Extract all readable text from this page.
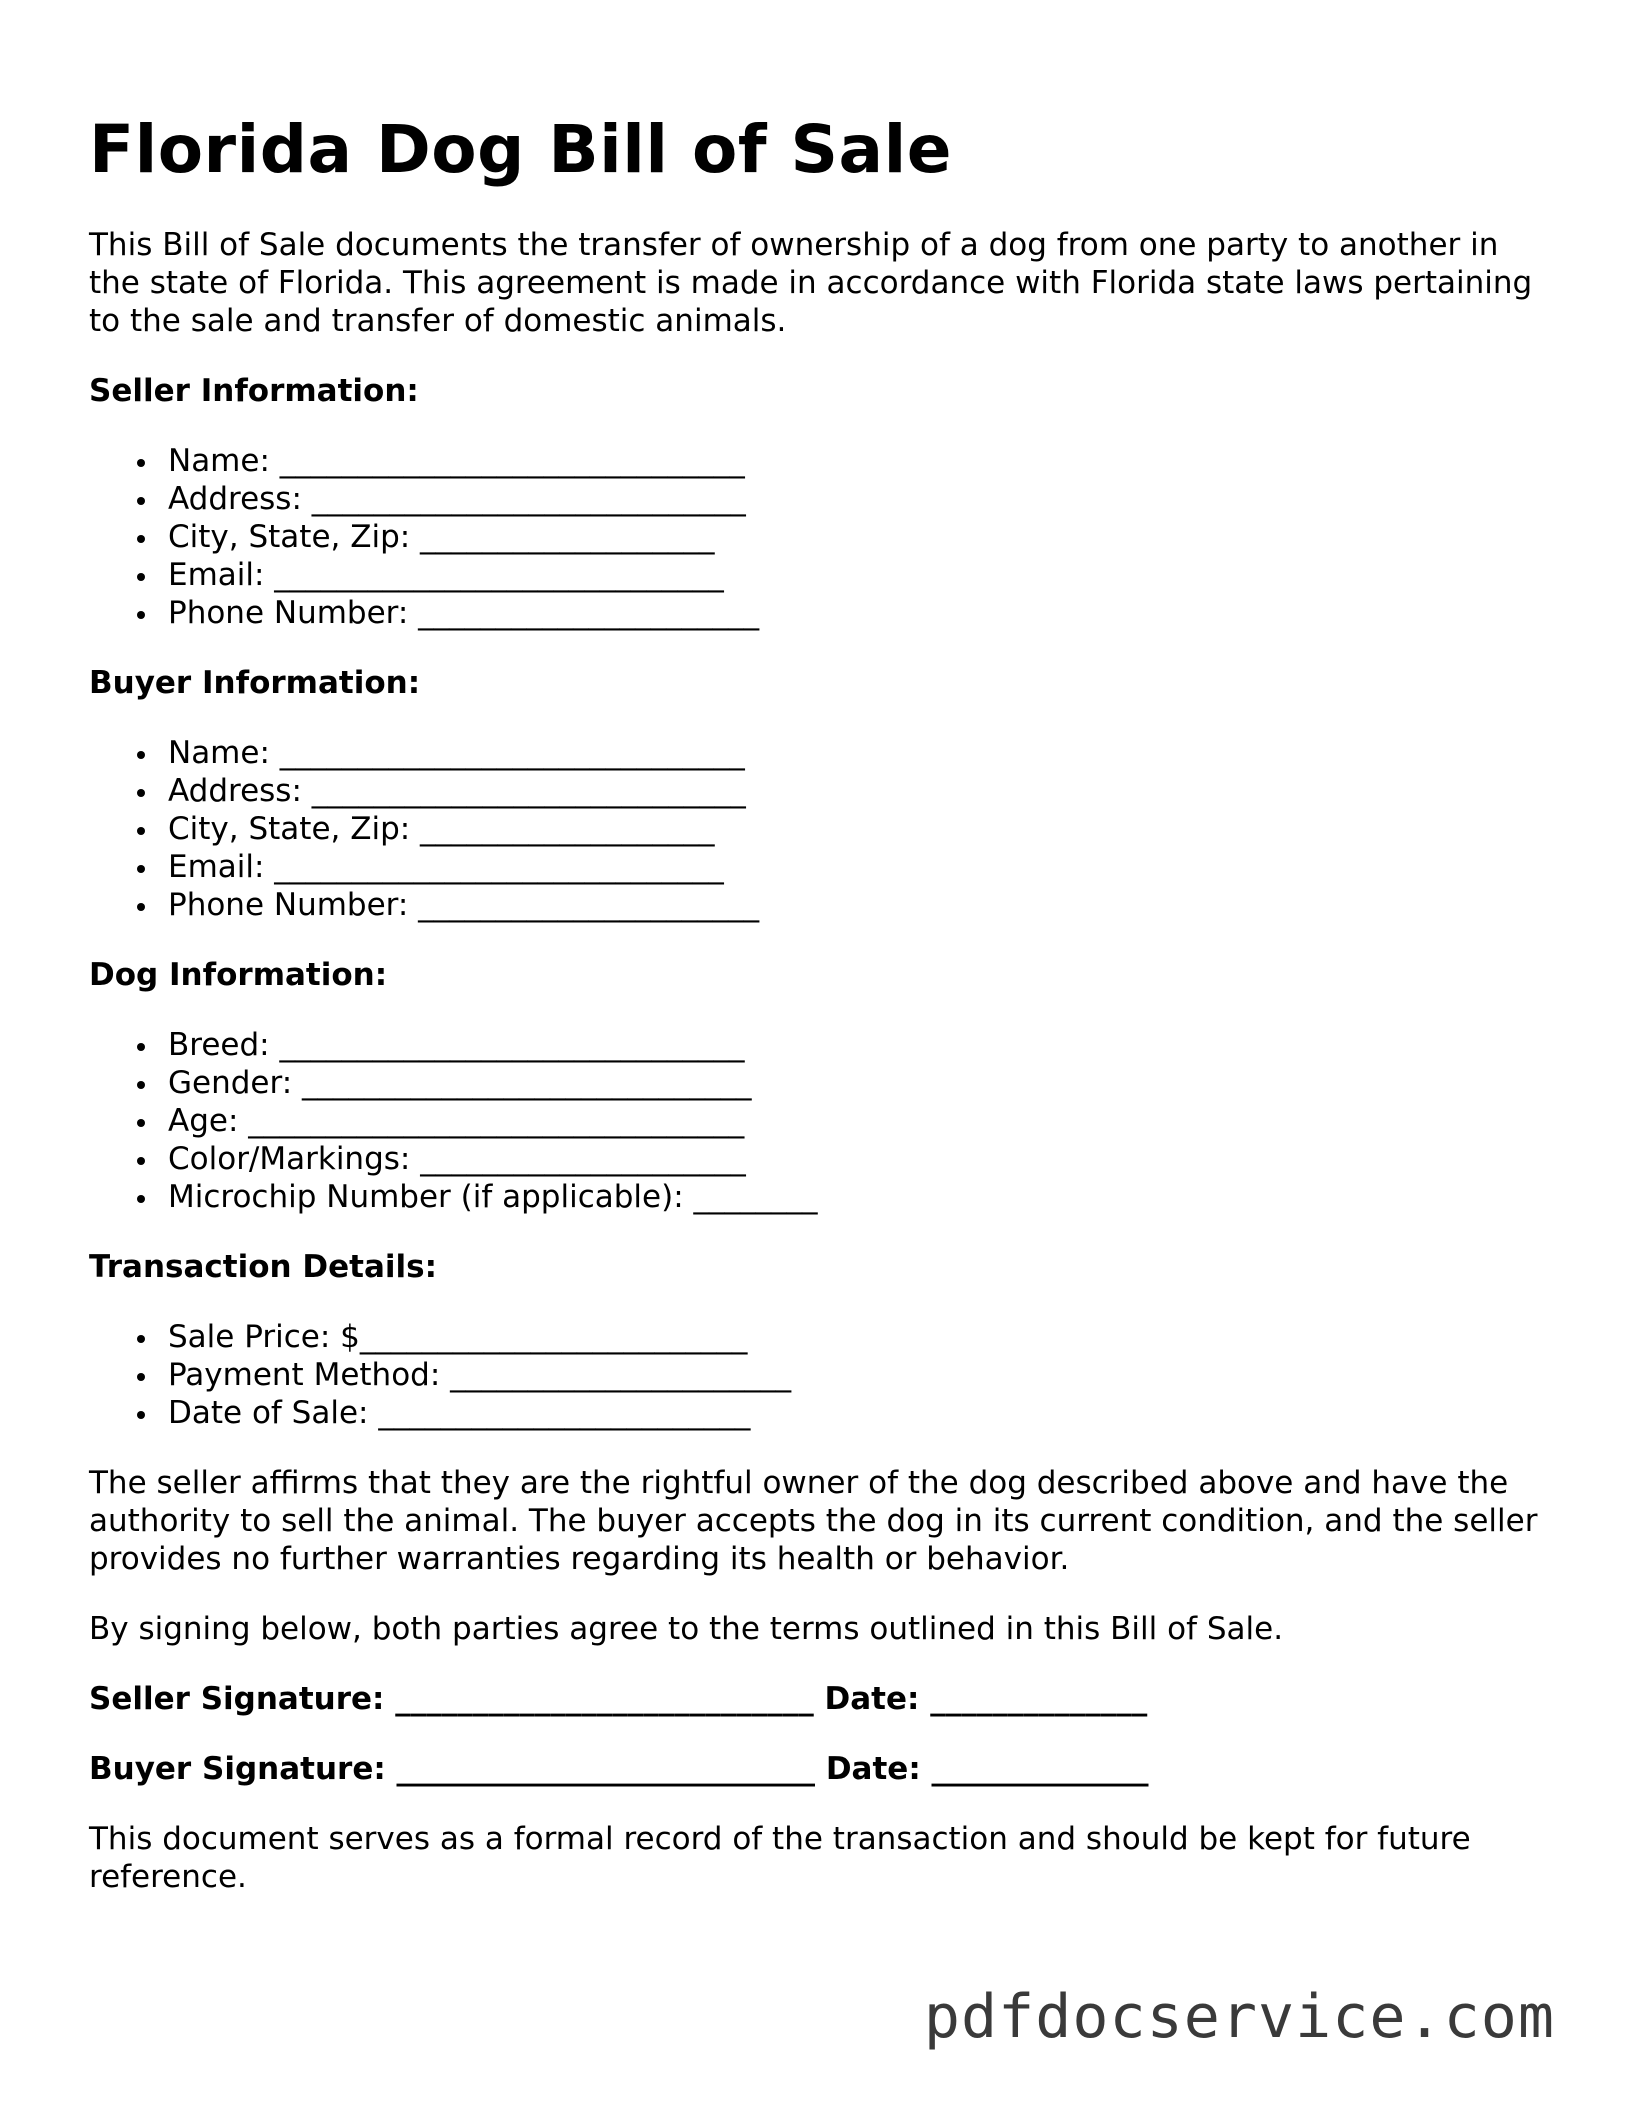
Florida Dog Bill of Sale

This Bill of Sale documents the transfer of ownership of a dog from one party to another in the state of Florida. This agreement is made in accordance with Florida state laws pertaining to the sale and transfer of domestic animals.

Seller Information:
Name: ______________________________
Address: ____________________________
City, State, Zip: ___________________
Email: _____________________________
Phone Number: ______________________
Buyer Information:
Name: ______________________________
Address: ____________________________
City, State, Zip: ___________________
Email: _____________________________
Phone Number: ______________________
Dog Information:
Breed: ______________________________
Gender: _____________________________
Age: ________________________________
Color/Markings: _____________________
Microchip Number (if applicable): ________
Transaction Details:
Sale Price: $_________________________
Payment Method: ______________________
Date of Sale: ________________________

The seller affirms that they are the rightful owner of the dog described above and have the authority to sell the animal. The buyer accepts the dog in its current condition, and the seller provides no further warranties regarding its health or behavior.

By signing below, both parties agree to the terms outlined in this Bill of Sale.

Seller Signature: ___________________________ Date: ______________
Buyer Signature: ___________________________ Date: ______________

This document serves as a formal record of the transaction and should be kept for future reference.

pdfdocservice.com
